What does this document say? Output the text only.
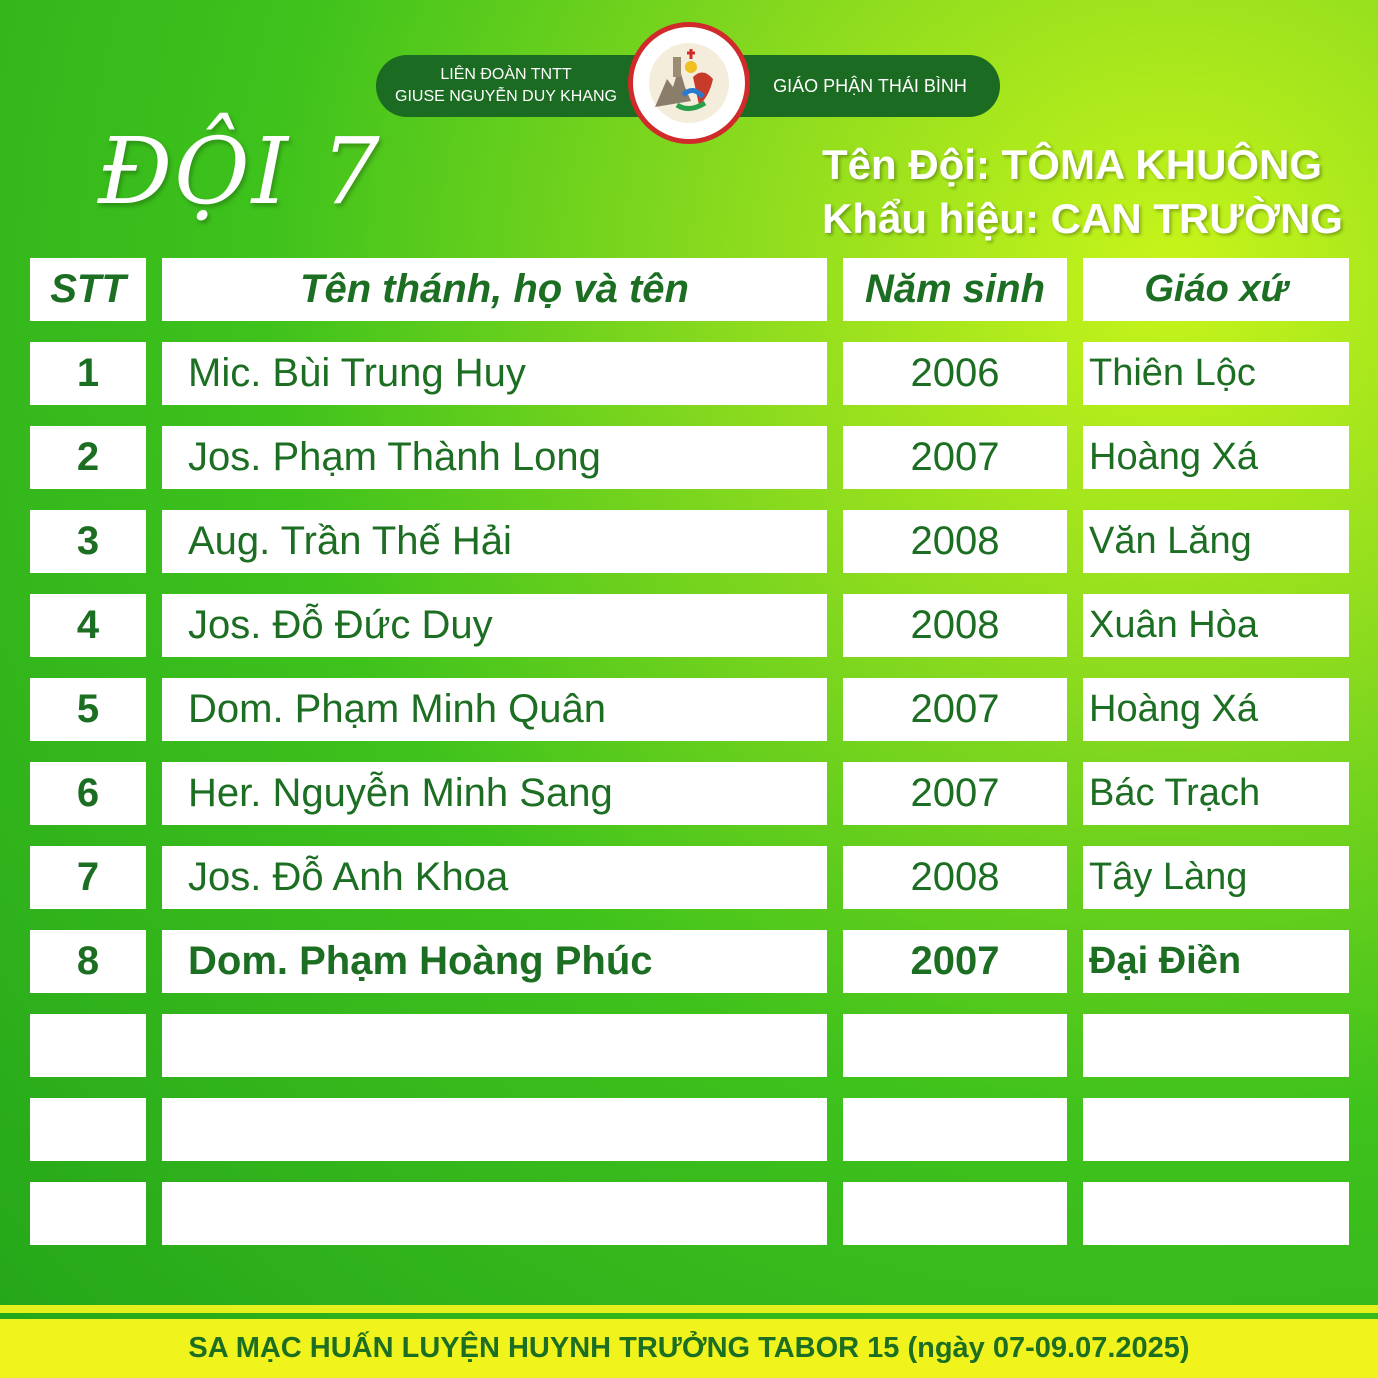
LIÊN ĐOÀN TNTT
GIUSE NGUYỄN DUY KHANG
GIÁO PHẬN THÁI BÌNH
ĐỘI 7	Tên Đội: TÔMA KHUÔNG
Khẩu hiệu: CAN TRƯỜNG
STT	Tên thánh, họ và tên	Năm sinh	Giáo xứ
1	Mic. Bùi Trung Huy	2006	Thiên Lộc
2	Jos. Phạm Thành Long	2007	Hoàng Xá
3	Aug. Trần Thế Hải	2008	Văn Lăng
4	Jos. Đỗ Đức Duy	2008	Xuân Hòa
5	Dom. Phạm Minh Quân	2007	Hoàng Xá
6	Her. Nguyễn Minh Sang	2007	Bác Trạch
7	Jos. Đỗ Anh Khoa	2008	Tây Làng
8	Dom. Phạm Hoàng Phúc	2007	Đại Điền
SA MẠC HUẤN LUYỆN HUYNH TRƯỞNG TABOR 15 (ngày 07-09.07.2025)
